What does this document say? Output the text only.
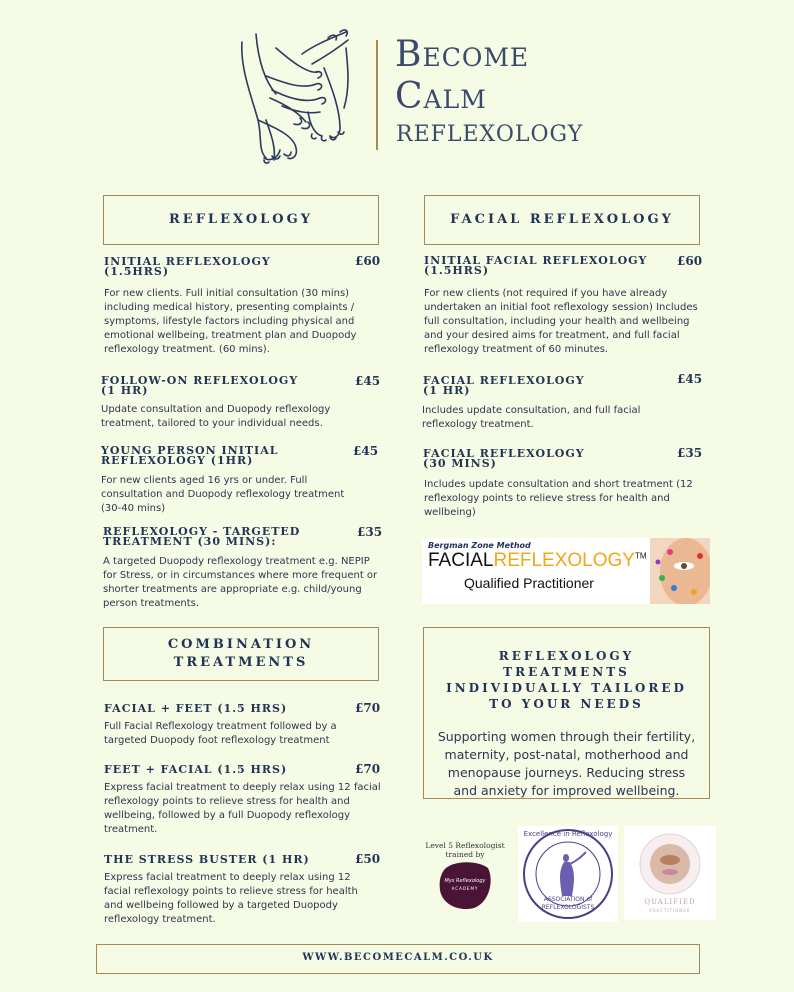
Become
Calm
REFLEXOLOGY
REFLEXOLOGY
INITIAL REFLEXOLOGY (1.5HRS)
£60
For new clients. Full initial consultation (30 mins) including medical history, presenting complaints / symptoms, lifestyle factors including physical and emotional wellbeing, treatment plan and Duopody reflexology treatment. (60 mins).
FOLLOW-ON REFLEXOLOGY (1 HR)
£45
Update consultation and Duopody reflexology treatment, tailored to your individual needs.
YOUNG PERSON INITIAL REFLEXOLOGY (1HR)
£45
For new clients aged 16 yrs or under. Full consultation and Duopody reflexology treatment (30-40 mins)
REFLEXOLOGY - TARGETED TREATMENT (30 MINS):
£35
A targeted Duopody reflexology treatment e.g. NEPIP for Stress, or in circumstances where more frequent or shorter treatments are appropriate e.g. child/young person treatments.
FACIAL REFLEXOLOGY
INITIAL FACIAL REFLEXOLOGY (1.5HRS)
£60
For new clients (not required if you have already undertaken an initial foot reflexology session) Includes full consultation, including your health and wellbeing and your desired aims for treatment, and full facial reflexology treatment of 60 minutes.
FACIAL REFLEXOLOGY (1 HR)
£45
Includes update consultation, and full facial reflexology treatment.
FACIAL REFLEXOLOGY (30 MINS)
£35
Includes update consultation and short treatment (12 reflexology points to relieve stress for health and wellbeing)
Bergman Zone Method
FACIALREFLEXOLOGY™
Qualified Practitioner
COMBINATION
TREATMENTS
FACIAL + FEET (1.5 HRS)	£70
Full Facial Reflexology treatment followed by a targeted Duopody foot reflexology treatment
FEET + FACIAL (1.5 HRS)	£70
Express facial treatment to deeply relax using 12 facial reflexology points to relieve stress for health and wellbeing, followed by a full Duopody reflexology treatment.
THE STRESS BUSTER (1 HR)	£50
Express facial treatment to deeply relax using 12 facial reflexology points to relieve stress for health and wellbeing followed by a targeted Duopody reflexology treatment.
REFLEXOLOGY TREATMENTS INDIVIDUALLY TAILORED TO YOUR NEEDS
Supporting women through their fertility, maternity, post-natal, motherhood and menopause journeys. Reducing stress and anxiety for improved wellbeing.
Level 5 Reflexologist
trained by
Mys Reflexology
ACADEMY
Excellence in Reflexology
ASSOCIATION of
REFLEXOLOGISTS
QUALIFIED
PRACTITIONER
WWW.BECOMECALM.CO.UK
